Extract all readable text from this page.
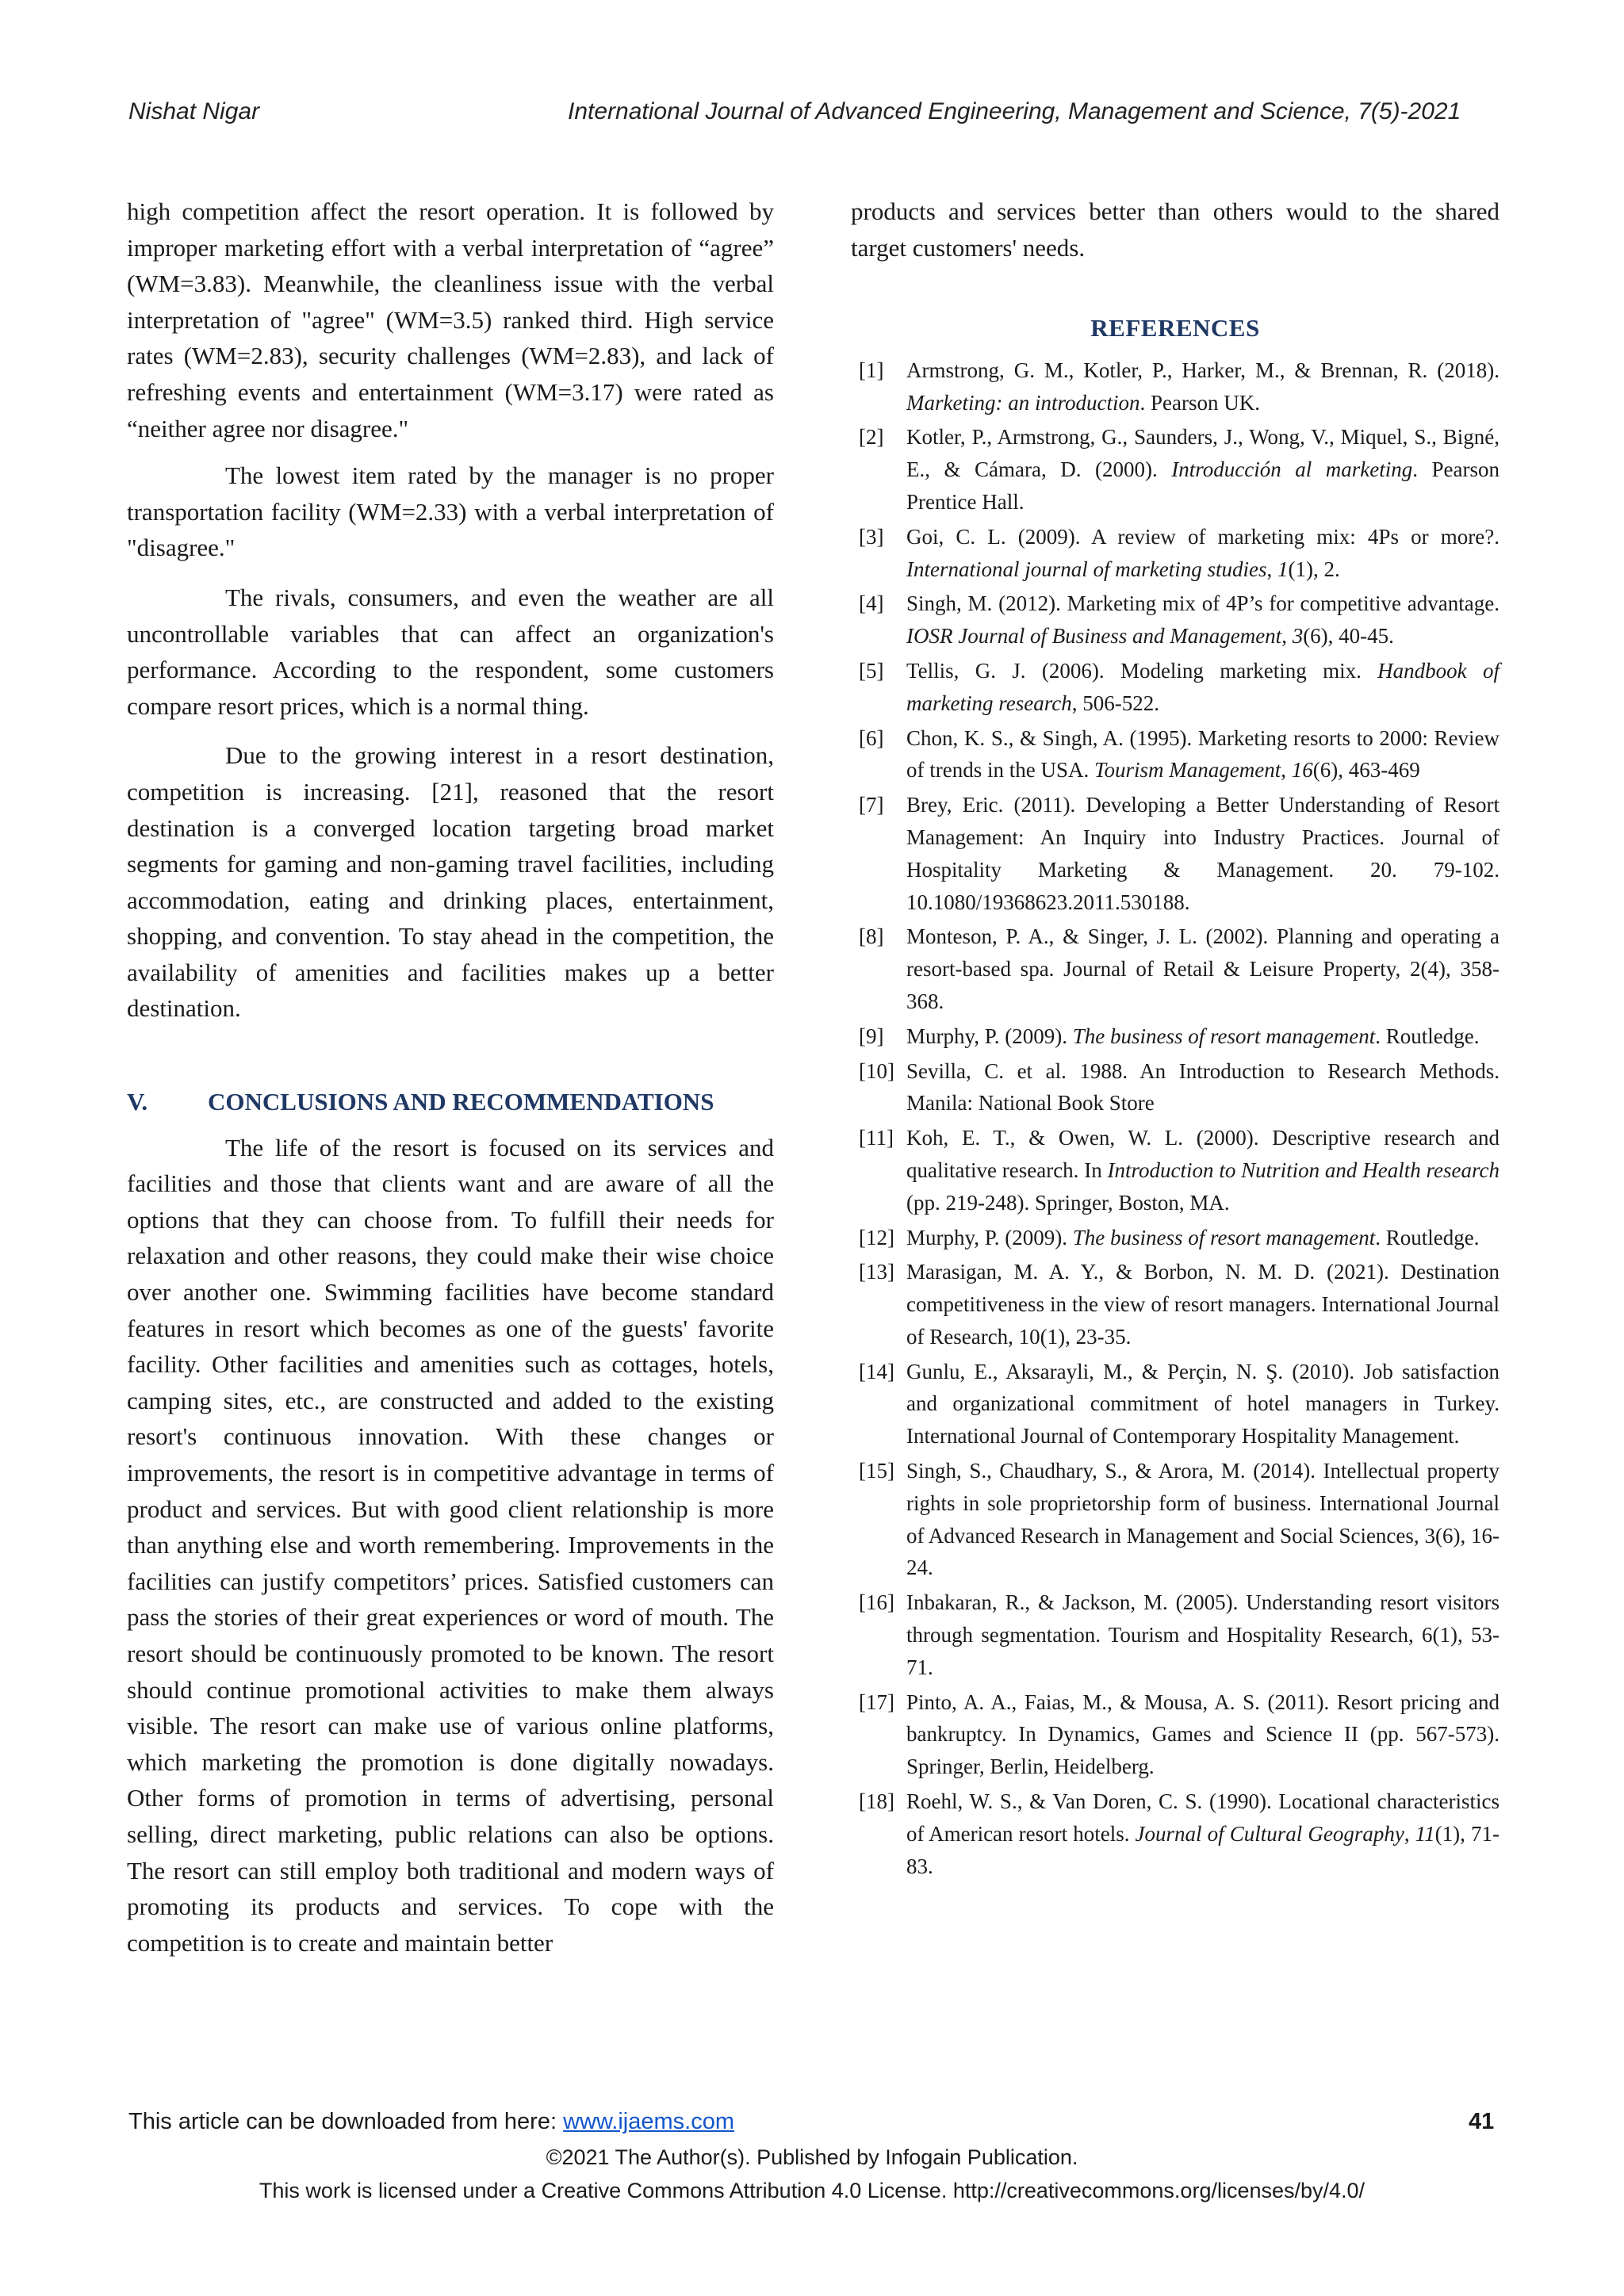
Nishat Nigar	International Journal of Advanced Engineering, Management and Science, 7(5)-2021

high competition affect the resort operation. It is followed by improper marketing effort with a verbal interpretation of “agree” (WM=3.83). Meanwhile, the cleanliness issue with the verbal interpretation of "agree" (WM=3.5) ranked third. High service rates (WM=2.83), security challenges (WM=2.83), and lack of refreshing events and entertainment (WM=3.17) were rated as “neither agree nor disagree."

The lowest item rated by the manager is no proper transportation facility (WM=2.33) with a verbal interpretation of "disagree."

The rivals, consumers, and even the weather are all uncontrollable variables that can affect an organization's performance. According to the respondent, some customers compare resort prices, which is a normal thing.

Due to the growing interest in a resort destination, competition is increasing. [21], reasoned that the resort destination is a converged location targeting broad market segments for gaming and non-gaming travel facilities, including accommodation, eating and drinking places, entertainment, shopping, and convention. To stay ahead in the competition, the availability of amenities and facilities makes up a better destination.

V.	CONCLUSIONS AND RECOMMENDATIONS

The life of the resort is focused on its services and facilities and those that clients want and are aware of all the options that they can choose from. To fulfill their needs for relaxation and other reasons, they could make their wise choice over another one. Swimming facilities have become standard features in resort which becomes as one of the guests' favorite facility. Other facilities and amenities such as cottages, hotels, camping sites, etc., are constructed and added to the existing resort's continuous innovation. With these changes or improvements, the resort is in competitive advantage in terms of product and services. But with good client relationship is more than anything else and worth remembering. Improvements in the facilities can justify competitors’ prices. Satisfied customers can pass the stories of their great experiences or word of mouth. The resort should be continuously promoted to be known. The resort should continue promotional activities to make them always visible. The resort can make use of various online platforms, which marketing the promotion is done digitally nowadays. Other forms of promotion in terms of advertising, personal selling, direct marketing, public relations can also be options. The resort can still employ both traditional and modern ways of promoting its products and services. To cope with the competition is to create and maintain better

products and services better than others would to the shared target customers' needs.

REFERENCES
[1]	Armstrong, G. M., Kotler, P., Harker, M., & Brennan, R. (2018). Marketing: an introduction. Pearson UK.
[2]	Kotler, P., Armstrong, G., Saunders, J., Wong, V., Miquel, S., Bigné, E., & Cámara, D. (2000). Introducción al marketing. Pearson Prentice Hall.
[3]	Goi, C. L. (2009). A review of marketing mix: 4Ps or more?. International journal of marketing studies, 1(1), 2.
[4]	Singh, M. (2012). Marketing mix of 4P’s for competitive advantage. IOSR Journal of Business and Management, 3(6), 40-45.
[5]	Tellis, G. J. (2006). Modeling marketing mix. Handbook of marketing research, 506-522.
[6]	Chon, K. S., & Singh, A. (1995). Marketing resorts to 2000: Review of trends in the USA. Tourism Management, 16(6), 463-469
[7]	Brey, Eric. (2011). Developing a Better Understanding of Resort Management: An Inquiry into Industry Practices. Journal of Hospitality Marketing & Management. 20. 79-102. 10.1080/19368623.2011.530188.
[8]	Monteson, P. A., & Singer, J. L. (2002). Planning and operating a resort-based spa. Journal of Retail & Leisure Property, 2(4), 358-368.
[9]	Murphy, P. (2009). The business of resort management. Routledge.
[10] Sevilla, C. et al. 1988. An Introduction to Research Methods. Manila: National Book Store
[11] Koh, E. T., & Owen, W. L. (2000). Descriptive research and qualitative research. In Introduction to Nutrition and Health research (pp. 219-248). Springer, Boston, MA.
[12] Murphy, P. (2009). The business of resort management. Routledge.
[13] Marasigan, M. A. Y., & Borbon, N. M. D. (2021). Destination competitiveness in the view of resort managers. International Journal of Research, 10(1), 23-35.
[14] Gunlu, E., Aksarayli, M., & Perçin, N. Ş. (2010). Job satisfaction and organizational commitment of hotel managers in Turkey. International Journal of Contemporary Hospitality Management.
[15] Singh, S., Chaudhary, S., & Arora, M. (2014). Intellectual property rights in sole proprietorship form of business. International Journal of Advanced Research in Management and Social Sciences, 3(6), 16-24.
[16] Inbakaran, R., & Jackson, M. (2005). Understanding resort visitors through segmentation. Tourism and Hospitality Research, 6(1), 53-71.
[17] Pinto, A. A., Faias, M., & Mousa, A. S. (2011). Resort pricing and bankruptcy. In Dynamics, Games and Science II (pp. 567-573). Springer, Berlin, Heidelberg.
[18] Roehl, W. S., & Van Doren, C. S. (1990). Locational characteristics of American resort hotels. Journal of Cultural Geography, 11(1), 71-83.
This article can be downloaded from here: www.ijaems.com	41
©2021 The Author(s). Published by Infogain Publication.
This work is licensed under a Creative Commons Attribution 4.0 License. http://creativecommons.org/licenses/by/4.0/
